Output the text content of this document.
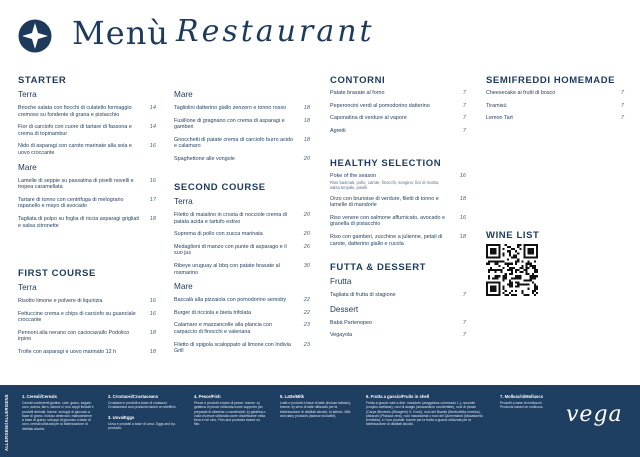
Menù Restaurant
STARTER
Terra
Brioche salata con fiocchi di culatello formaggio cremoso su fondente di grana e pistacchio
14
Fior di carciofo con cuore di tartare di fassona e crema di topinambur
14
Nido di asparagi con carote marinate alla soia e uovo croccante
16
Mare
Lamelle di seppie su passatina di piselli novelli e tropea caramellata
16
Tartare di tonno con centrifuga di melograno rapanello e mayo di avocado
17
Tagliata di polpo su foglia di riccia asparagi grigliati e salsa citronette
18
FIRST COURSE
Terra
Risotto limone e polvere di liquirizia	16
Fettuccine crema e chips di carciofo su guanciale croccante
16
Pennoni alla nerano con caciocavallo Podolico irpino
18
Trofie con asparagi e uovo marinato 12 h	18
Mare
Tagliolini datterino giallo zenzero e tonno rosso	18
Fusillone di gragnano con crema di asparagi e gamberi
18
Gnocchetti di patate crema di carciofo burro acido e calamaro
18
Spaghettone alle vongole	20
SECOND COURSE
Terra
Filetto di maialino in crosta di nocciole crema di patata acida e tartufo estivo
20
Suprema di pollo con zucca marinata	20
Medaglioni di manzo con punte di asparago e il suo jus
26
Ribeye uruguay al bbq con patate brasate al rosmarino
30
Mare
Baccalà alla pizzaiola con pomodorino semidry	22
Burger di ricciola e bieta trifolata	22
Calamaro e mazzancolle alla plancia con carpaccio di finocchi e valeriana
23
Filetto di spigola scaloppato al limone con Indivia Grill
23
CONTORNI
Patate brasate al forno	7
Peperoncini verdi al pomodorino datterino	7
Caponatina di verdure al vapore	7
Agretti	7
HEALTHY SELECTION
Poke of the season
Riso basmati, pollo, carote, finocchi, songino, fior di ricotta, salsa teriyaki, piselli
16
Orzo con brunoise di verdure, filetti di tonno e lamelle di mandorle
18
Riso venere con salmone affumicato, avocado e granella di pistacchio
16
Riso con gamberi, zucchine a julienne, petali di carote, datterino giallo e rucola
18
FUTTA & DESSERT
Frutta
Tagliata di frutta di stagione	7
Dessert
Babà Partenopeo	7
Vegayola	7
SEMIFREDDI HOMEMADE
Cheesecake ai frutti di bosco	7
Tiramisù	7
Lemon Tart	7
WINE LIST
ALLERGENI/ALLERGENS	1. Cereali/Cereals
Cereali contenenti glutine, cioè: grano, segale, orzo, avena, farro, kamut o i loro ceppi ibridati e prodotti derivati, tranne: sciroppi di glucosio a base di grano, incluso destrosio; maltodestrine a base di grano; sciroppi di glucosio a base di orzo; cereali utilizzati per la fabbricazione di distillati alcolici.
2. Crostacei/Crustaceans
Crostacei e prodotti a base di crostacei. Crustaceans and products based on shellfish.
3. Uova/Eggs
Uova e prodotti a base di uova. Eggs and by-products.
4. Pesce/Fish
Pesce e prodotti a base di pesce, tranne: a) gelatina di pesce utilizzata come supporto per preparati di vitamine o carotenoidi; b) gelatina o colla di pesce utilizzata come chiarificante nella birra e nel vino. Fish and products based on fish.
5. Latte/Milk
Latte e prodotti a base di latte (incluso lattosio), tranne: a) siero di latte utilizzato per la fabbricazione di distillati alcolici; b) lattiolo. Milk and dairy products (lactose included).
6. Frutta a guscio/Fruits in shell
Frutta a guscio vale a dire: mandorle (amygdalus communis L.), nocciole (corylus avellana), noci di acagiù (anacardium occidentale), noci di pecan (Carya illinoiesis (Wangenh) K. Koch), noci del Brasile (Bertholletia excelsa), pistacchi (Pistacia vera), noci macadamia o noci del Queensland (Macadamia ternifolia), e i loro prodotti, tranne per la frutta a guscio utilizzata per la fabbricazione di distillati alcolici.
7. Molluschi/Molluscs
Prodotti a base di molluschi. Products based on molluscs.	vega
